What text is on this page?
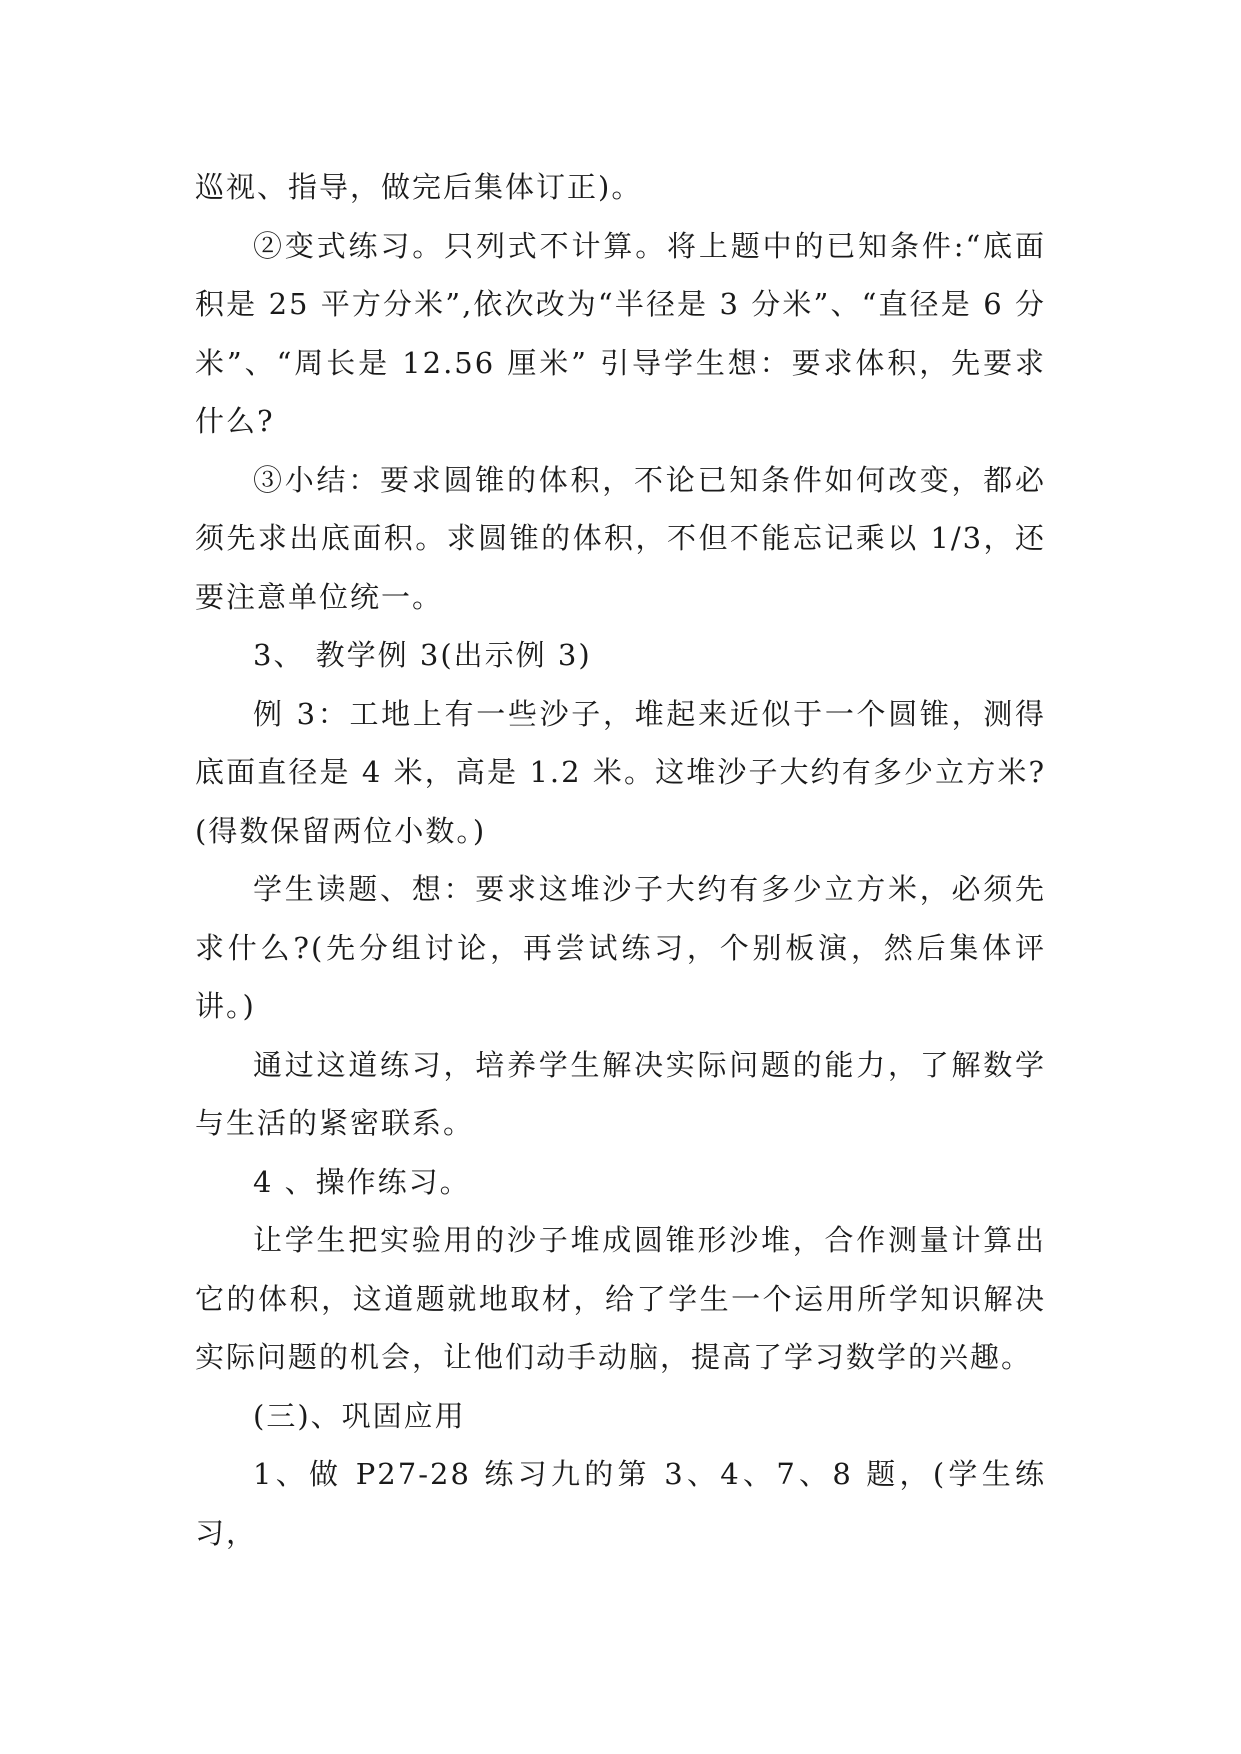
巡视、指导，做完后集体订正)。
②变式练习。只列式不计算。将上题中的已知条件:“底面积是 25 平方分米”,依次改为“半径是 3 分米”、“直径是 6 分米”、“周长是 12.56 厘米” 引导学生想：要求体积，先要求什么?
③小结：要求圆锥的体积，不论已知条件如何改变，都必须先求出底面积。求圆锥的体积，不但不能忘记乘以 1/3，还要注意单位统一。
3、 教学例 3(出示例 3)
例 3：工地上有一些沙子，堆起来近似于一个圆锥，测得底面直径是 4 米，高是 1.2 米。这堆沙子大约有多少立方米?(得数保留两位小数。)
学生读题、想：要求这堆沙子大约有多少立方米，必须先求什么?(先分组讨论，再尝试练习，个别板演，然后集体评讲。)
通过这道练习，培养学生解决实际问题的能力，了解数学与生活的紧密联系。
4 、操作练习。
让学生把实验用的沙子堆成圆锥形沙堆，合作测量计算出它的体积，这道题就地取材，给了学生一个运用所学知识解决实际问题的机会，让他们动手动脑，提高了学习数学的兴趣。
(三)、巩固应用
1、做 P27-28 练习九的第 3、4、7、8 题，(学生练习，
